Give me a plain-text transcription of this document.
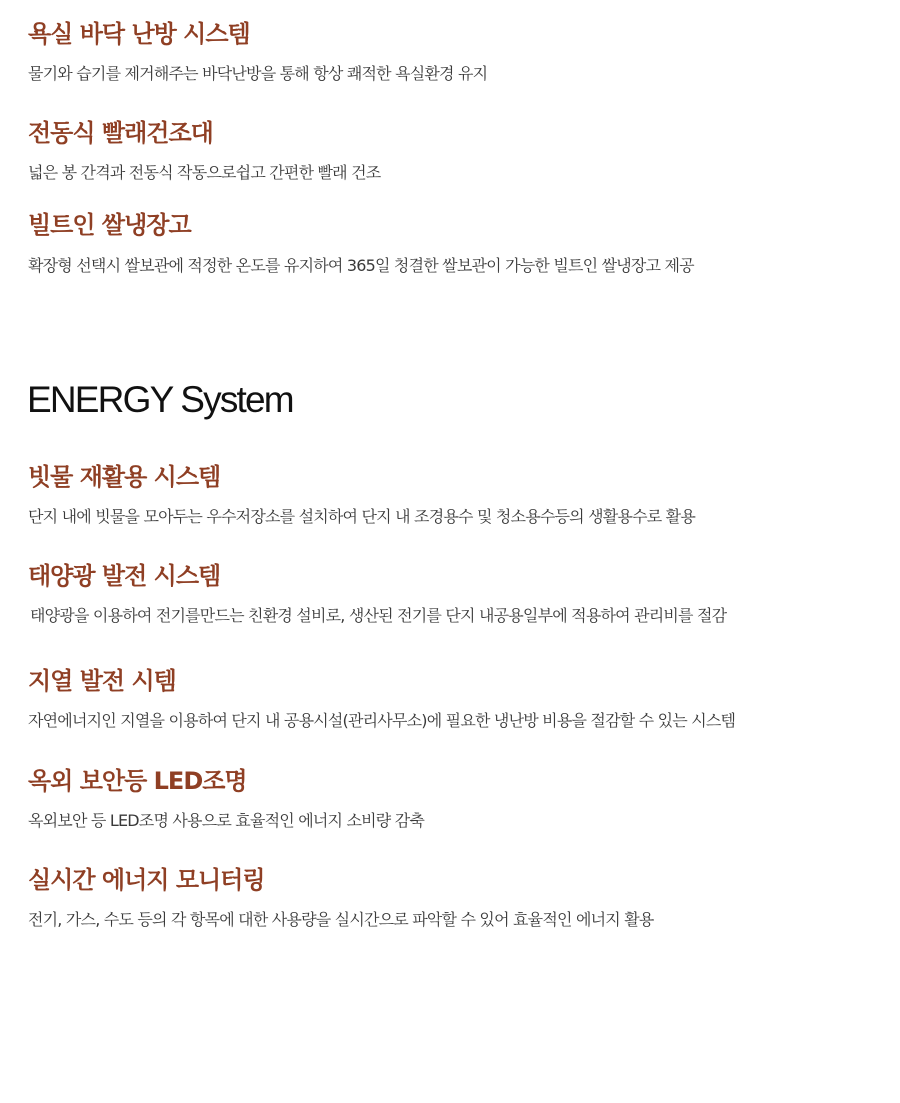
욕실 바닥 난방 시스템

물기와 습기를 제거해주는 바닥난방을 통해 항상 쾌적한 욕실환경 유지

전동식 빨래건조대

넓은 봉 간격과 전동식 작동으로쉽고 간편한 빨래 건조

빌트인 쌀냉장고

확장형 선택시 쌀보관에 적정한 온도를 유지하여 365일 청결한 쌀보관이 가능한 빌트인 쌀냉장고 제공

ENERGY System
빗물 재활용 시스템

단지 내에 빗물을 모아두는 우수저장소를 설치하여 단지 내 조경용수 및 청소용수등의 생활용수로 활용

태양광 발전 시스템

태양광을 이용하여 전기를만드는 친환경 설비로, 생산된 전기를 단지 내공용일부에 적용하여 관리비를 절감

지열 발전 시템

자연에너지인 지열을 이용하여 단지 내 공용시설(관리사무소)에 필요한 냉난방 비용을 절감할 수 있는 시스템

옥외 보안등 LED조명

옥외보안 등 LED조명 사용으로 효율적인 에너지 소비량 감축

실시간 에너지 모니터링

전기, 가스, 수도 등의 각 항목에 대한 사용량을 실시간으로 파악할 수 있어 효율적인 에너지 활용
